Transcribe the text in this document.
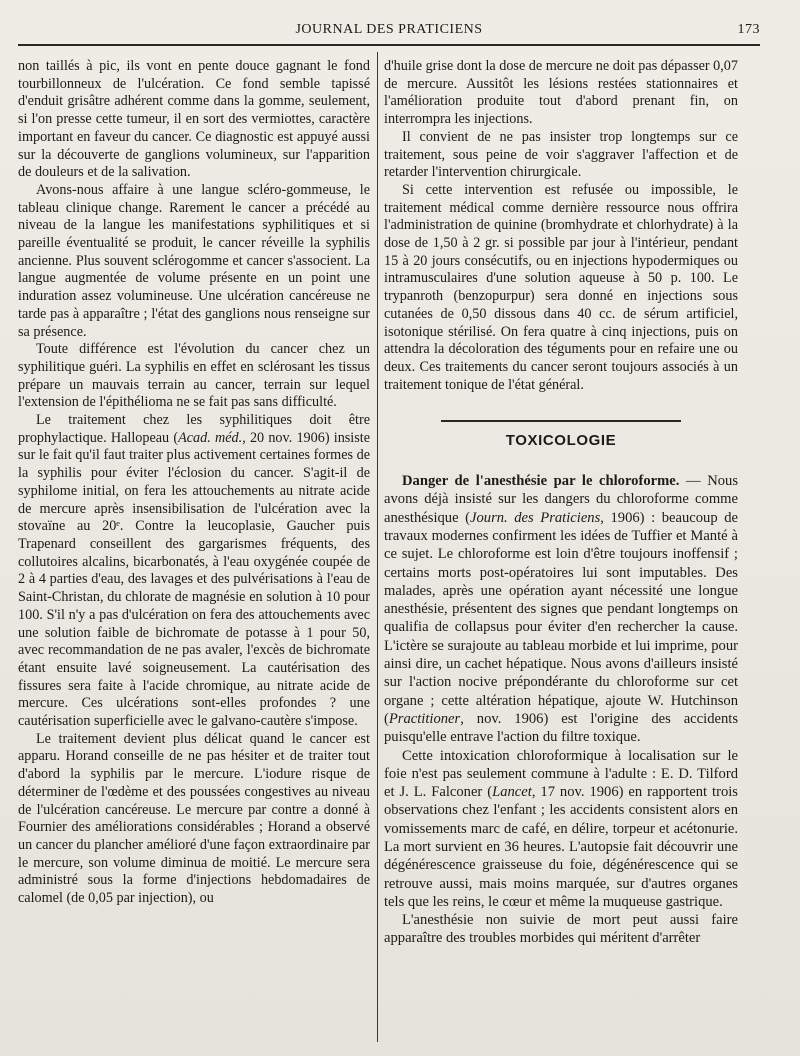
JOURNAL DES PRATICIENS	173

non taillés à pic, ils vont en pente douce gagnant le fond tourbillonneux de l'ulcération. Ce fond semble tapissé d'enduit grisâtre adhérent comme dans la gomme, seulement, si l'on presse cette tumeur, il en sort des vermiottes, caractère important en faveur du cancer. Ce diagnostic est appuyé aussi sur la découverte de ganglions volumineux, sur l'apparition de douleurs et de la salivation.

Avons-nous affaire à une langue scléro-gommeuse, le tableau clinique change. Rarement le cancer a précédé au niveau de la langue les manifestations syphilitiques et si pareille éventualité se produit, le cancer réveille la syphilis ancienne. Plus souvent sclérogomme et cancer s'associent. La langue augmentée de volume présente en un point une induration assez volumineuse. Une ulcération cancéreuse ne tarde pas à apparaître ; l'état des ganglions nous renseigne sur sa présence.

Toute différence est l'évolution du cancer chez un syphilitique guéri. La syphilis en effet en sclérosant les tissus prépare un mauvais terrain au cancer, terrain sur lequel l'extension de l'épithélioma ne se fait pas sans difficulté.

Le traitement chez les syphilitiques doit être prophylactique. Hallopeau (Acad. méd., 20 nov. 1906) insiste sur le fait qu'il faut traiter plus activement certaines formes de la syphilis pour éviter l'éclosion du cancer. S'agit-il de syphilome initial, on fera les attouchements au nitrate acide de mercure après insensibilisation de l'ulcération avec la stovaïne au 20ᵉ. Contre la leucoplasie, Gaucher puis Trapenard conseillent des gargarismes fréquents, des collutoires alcalins, bicarbonatés, à l'eau oxygénée coupée de 2 à 4 parties d'eau, des lavages et des pulvérisations à l'eau de Saint-Christan, du chlorate de magnésie en solution à 10 pour 100. S'il n'y a pas d'ulcération on fera des attouchements avec une solution faible de bichromate de potasse à 1 pour 50, avec recommandation de ne pas avaler, l'excès de bichromate étant ensuite lavé soigneusement. La cautérisation des fissures sera faite à l'acide chromique, au nitrate acide de mercure. Ces ulcérations sont-elles profondes ? une cautérisation superficielle avec le galvano-cautère s'impose.

Le traitement devient plus délicat quand le cancer est apparu. Horand conseille de ne pas hésiter et de traiter tout d'abord la syphilis par le mercure. L'iodure risque de déterminer de l'œdème et des poussées congestives au niveau de l'ulcération cancéreuse. Le mercure par contre a donné à Fournier des améliorations considérables ; Horand a observé un cancer du plancher amélioré d'une façon extraordinaire par le mercure, son volume diminua de moitié. Le mercure sera administré sous la forme d'injections hebdomadaires de calomel (de 0,05 par injection), ou

d'huile grise dont la dose de mercure ne doit pas dépasser 0,07 de mercure. Aussitôt les lésions restées stationnaires et l'amélioration produite tout d'abord prenant fin, on interrompra les injections.

Il convient de ne pas insister trop longtemps sur ce traitement, sous peine de voir s'aggraver l'affection et de retarder l'intervention chirurgicale.

Si cette intervention est refusée ou impossible, le traitement médical comme dernière ressource nous offrira l'administration de quinine (bromhydrate et chlorhydrate) à la dose de 1,50 à 2 gr. si possible par jour à l'intérieur, pendant 15 à 20 jours consécutifs, ou en injections hypodermiques ou intramusculaires d'une solution aqueuse à 50 p. 100. Le trypanroth (benzopurpur) sera donné en injections sous cutanées de 0,50 dissous dans 40 cc. de sérum artificiel, isotonique stérilisé. On fera quatre à cinq injections, puis on attendra la décoloration des téguments pour en refaire une ou deux. Ces traitements du cancer seront toujours associés à un traitement tonique de l'état général.

TOXICOLOGIE

Danger de l'anesthésie par le chloroforme. — Nous avons déjà insisté sur les dangers du chloroforme comme anesthésique (Journ. des Praticiens, 1906) : beaucoup de travaux modernes confirment les idées de Tuffier et Manté à ce sujet. Le chloroforme est loin d'être toujours inoffensif ; certains morts post-opératoires lui sont imputables. Des malades, après une opération ayant nécessité une longue anesthésie, présentent des signes que pendant longtemps on qualifia de collapsus pour éviter d'en rechercher la cause. L'ictère se surajoute au tableau morbide et lui imprime, pour ainsi dire, un cachet hépatique. Nous avons d'ailleurs insisté sur l'action nocive prépondérante du chloroforme sur cet organe ; cette altération hépatique, ajoute W. Hutchinson (Practitioner, nov. 1906) est l'origine des accidents puisqu'elle entrave l'action du filtre toxique.

Cette intoxication chloroformique à localisation sur le foie n'est pas seulement commune à l'adulte : E. D. Tilford et J. L. Falconer (Lancet, 17 nov. 1906) en rapportent trois observations chez l'enfant ; les accidents consistent alors en vomissements marc de café, en délire, torpeur et acétonurie. La mort survient en 36 heures. L'autopsie fait découvrir une dégénérescence graisseuse du foie, dégénérescence qui se retrouve aussi, mais moins marquée, sur d'autres organes tels que les reins, le cœur et même la muqueuse gastrique.

L'anesthésie non suivie de mort peut aussi faire apparaître des troubles morbides qui méritent d'arrêter
